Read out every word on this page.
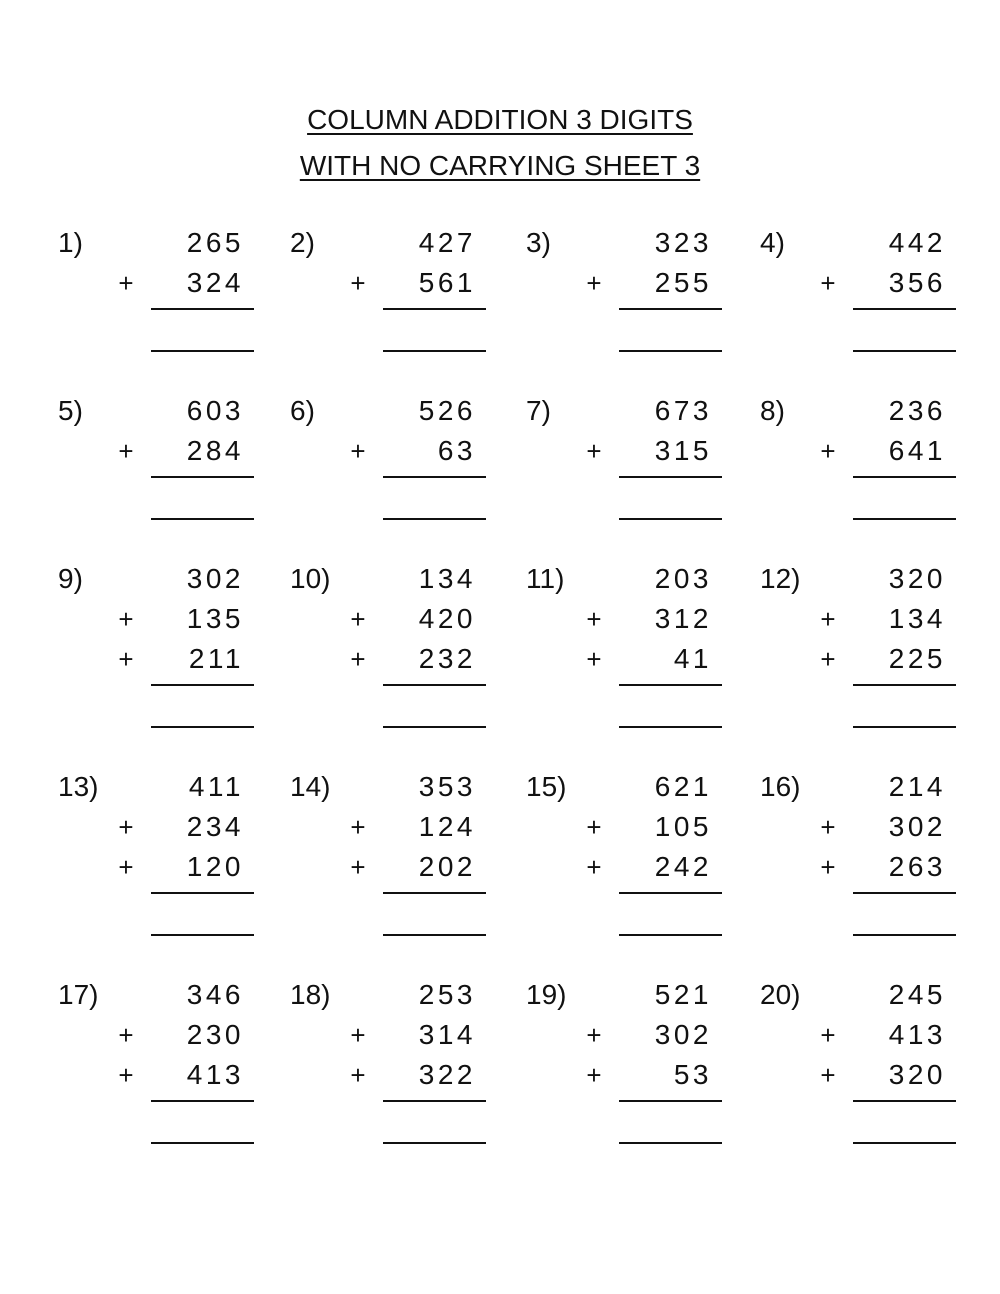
COLUMN ADDITION 3 DIGITS
WITH NO CARRYING SHEET 3
1)	265
+ 324
2)	427
+ 561
3)	323
+ 255
4)	442
+ 356
5)	603
+ 284
6)	526
+	63
7)	673
+ 315
8)	236
+ 641
9)	302
+ 135
+ 211
10)	134
+ 420
+ 232
11)	203
+ 312
+	41
12)	320
+ 134
+ 225
13)	411
+ 234
+ 120
14)	353
+ 124
+ 202
15)	621
+ 105
+ 242
16)	214
+ 302
+ 263
17)	346
+ 230
+ 413
18)	253
+ 314
+ 322
19)	521
+ 302
+	53
20)	245
+ 413
+ 320
